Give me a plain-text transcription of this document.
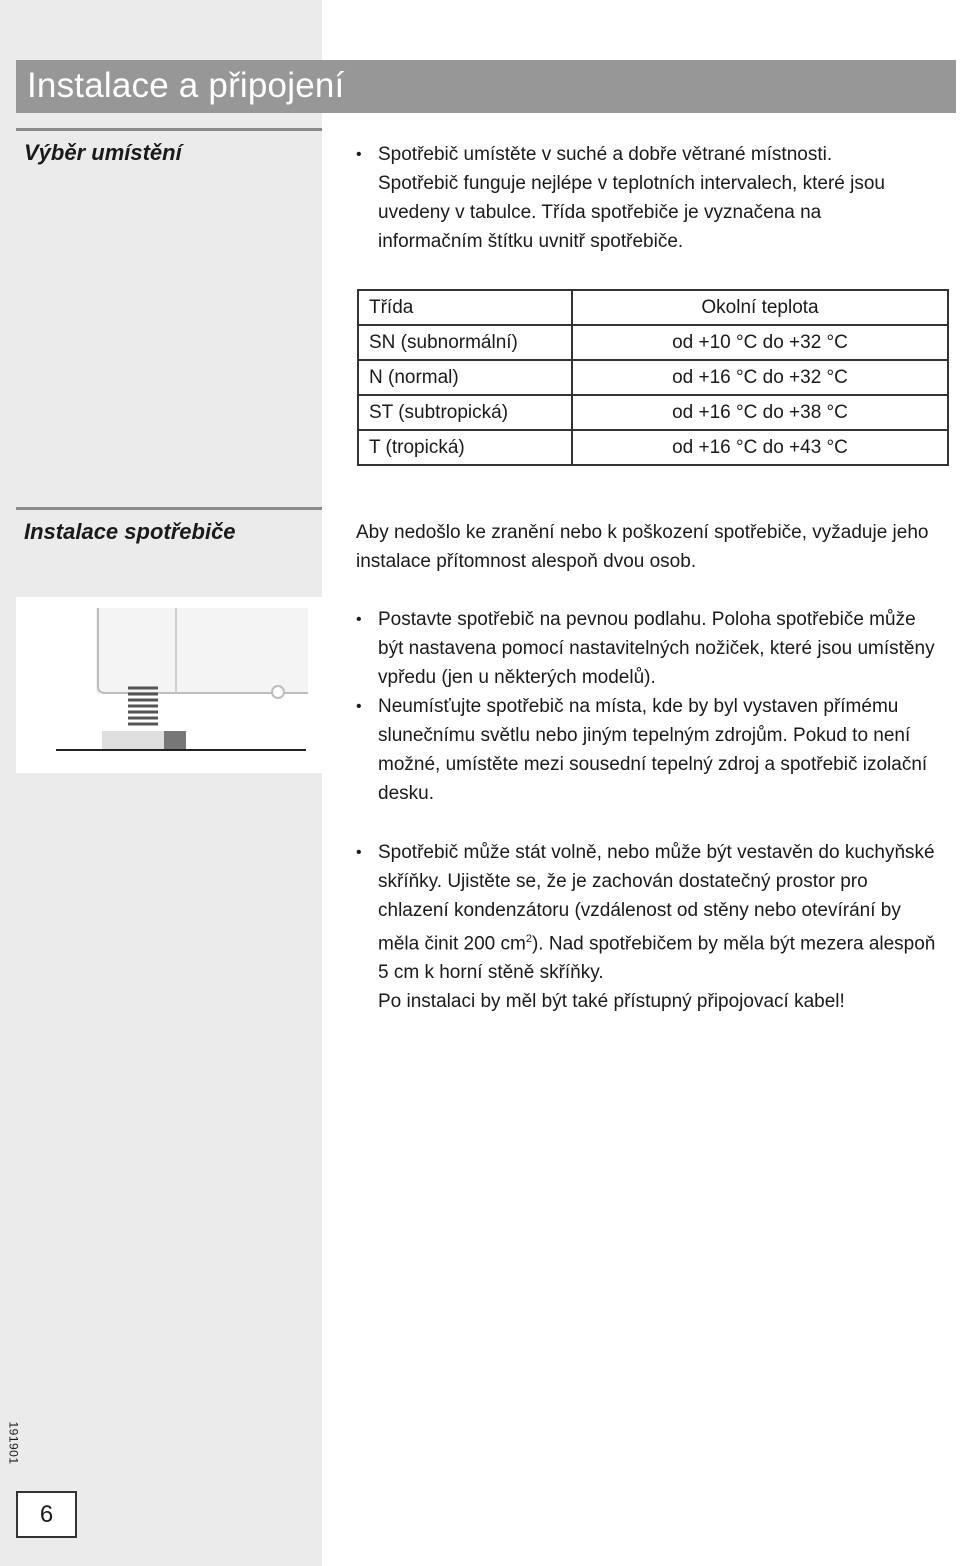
Instalace a připojení
Výběr umístění	• Spotřebič umístěte v suché a dobře větrané místnosti. Spotřebič funguje nejlépe v teplotních intervalech, které jsou uvedeny v tabulce. Třída spotřebiče je vyznačena na informačním štítku uvnitř spotřebiče.
Třída	Okolní teplota
SN (subnormální)	od +10 °C do +32 °C
N (normal)	od +16 °C do +32 °C
ST (subtropická)	od +16 °C do +38 °C
T (tropická)	od +16 °C do +43 °C
Instalace spotřebiče	Aby nedošlo ke zranění nebo k poškození spotřebiče, vyžaduje jeho instalace přítomnost alespoň dvou osob.

• Postavte spotřebič na pevnou podlahu. Poloha spotřebiče může být nastavena pomocí nastavitelných nožiček, které jsou umístěny vpředu (jen u některých modelů).
• Neumísťujte spotřebič na místa, kde by byl vystaven přímému slunečnímu světlu nebo jiným tepelným zdrojům. Pokud to není možné, umístěte mezi sousední tepelný zdroj a spotřebič izolační desku.
• Spotřebič může stát volně, nebo může být vestavěn do kuchyňské skříňky. Ujistěte se, že je zachován dostatečný prostor pro chlazení kondenzátoru (vzdálenost od stěny nebo otevírání by měla činit 200 $cm^2$). Nad spotřebičem by měla být mezera alespoň 5 cm k horní stěně skříňky.
Po instalaci by měl být také přístupný připojovací kabel!
191901
6
